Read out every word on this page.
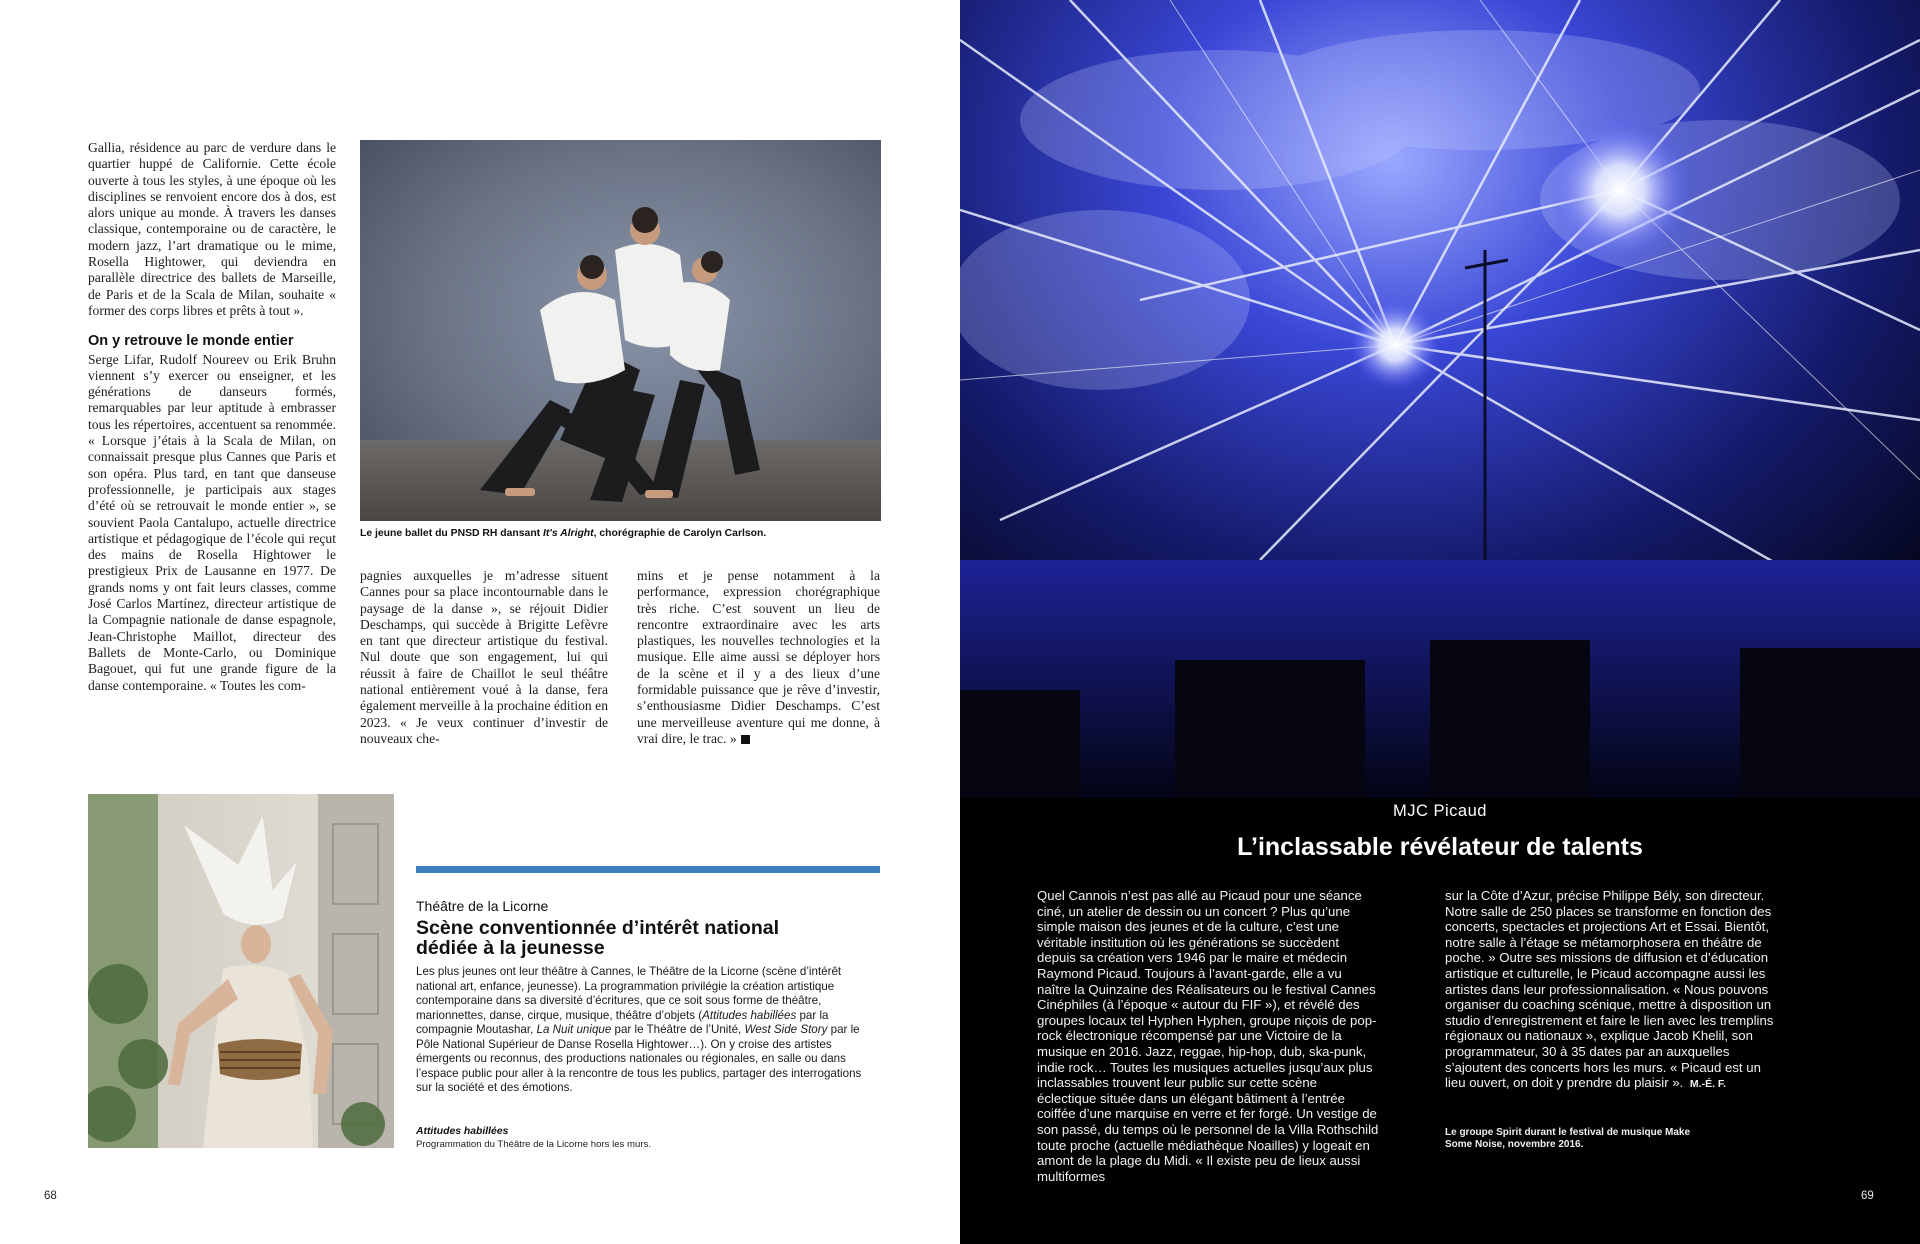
Gallia, résidence au parc de verdure dans le quartier huppé de Californie. Cette école ouverte à tous les styles, à une époque où les disciplines se renvoient encore dos à dos, est alors unique au monde. À travers les danses classique, contemporaine ou de caractère, le modern jazz, l’art dramatique ou le mime, Rosella Hightower, qui deviendra en parallèle directrice des ballets de Marseille, de Paris et de la Scala de Milan, souhaite « former des corps libres et prêts à tout ».

On y retrouve le monde entier

Serge Lifar, Rudolf Noureev ou Erik Bruhn viennent s’y exercer ou enseigner, et les générations de danseurs formés, remarquables par leur aptitude à embrasser tous les répertoires, accentuent sa renommée. « Lorsque j’étais à la Scala de Milan, on connaissait presque plus Cannes que Paris et son opéra. Plus tard, en tant que danseuse professionnelle, je participais aux stages d’été où se retrouvait le monde entier », se souvient Paola Cantalupo, actuelle directrice artistique et pédagogique de l’école qui reçut des mains de Rosella Hightower le prestigieux Prix de Lausanne en 1977. De grands noms y ont fait leurs classes, comme José Carlos Martínez, directeur artistique de la Compagnie nationale de danse espagnole, Jean-Christophe Maillot, directeur des Ballets de Monte-Carlo, ou Dominique Bagouet, qui fut une grande figure de la danse contemporaine. « Toutes les com-

Le jeune ballet du PNSD RH dansant It's Alright, chorégraphie de Carolyn Carlson.

pagnies auxquelles je m’adresse situent Cannes pour sa place incontournable dans le paysage de la danse », se réjouit Didier Deschamps, qui succède à Brigitte Lefèvre en tant que directeur artistique du festival. Nul doute que son engagement, lui qui réussit à faire de Chaillot le seul théâtre national entièrement voué à la danse, fera également merveille à la prochaine édition en 2023. « Je veux continuer d’investir de nouveaux che-

mins et je pense notamment à la performance, expression chorégraphique très riche. C’est souvent un lieu de rencontre extraordinaire avec les arts plastiques, les nouvelles technologies et la musique. Elle aime aussi se déployer hors de la scène et il y a des lieux d’une formidable puissance que je rêve d’investir, s’enthousiasme Didier Deschamps. C’est une merveilleuse aventure qui me donne, à vrai dire, le trac. »

Théâtre de la Licorne
Scène conventionnée d’intérêt national dédiée à la jeunesse
Les plus jeunes ont leur théâtre à Cannes, le Théâtre de la Licorne (scène d’intérêt national art, enfance, jeunesse). La programmation privilégie la création artistique contemporaine dans sa diversité d’écritures, que ce soit sous forme de théâtre, marionnettes, danse, cirque, musique, théâtre d’objets (Attitudes habillées par la compagnie Moutashar, La Nuit unique par le Théâtre de l’Unité, West Side Story par le Pôle National Supérieur de Danse Rosella Hightower…). On y croise des artistes émergents ou reconnus, des productions nationales ou régionales, en salle ou dans l’espace public pour aller à la rencontre de tous les publics, partager des interrogations sur la société et des émotions.
Attitudes habillées
Programmation du Théâtre de la Licorne hors les murs.
68
MJC Picaud
L’inclassable révélateur de talents
Quel Cannois n’est pas allé au Picaud pour une séance ciné, un atelier de dessin ou un concert ? Plus qu’une simple maison des jeunes et de la culture, c’est une véritable institution où les générations se succèdent depuis sa création vers 1946 par le maire et médecin Raymond Picaud. Toujours à l’avant-garde, elle a vu naître la Quinzaine des Réalisateurs ou le festival Cannes Cinéphiles (à l’époque « autour du FIF »), et révélé des groupes locaux tel Hyphen Hyphen, groupe niçois de pop-rock électronique récompensé par une Victoire de la musique en 2016. Jazz, reggae, hip-hop, dub, ska-punk, indie rock… Toutes les musiques actuelles jusqu’aux plus inclassables trouvent leur public sur cette scène éclectique située dans un élégant bâtiment à l’entrée coiffée d’une marquise en verre et fer forgé. Un vestige de son passé, du temps où le personnel de la Villa Rothschild toute proche (actuelle médiathèque Noailles) y logeait en amont de la plage du Midi. « Il existe peu de lieux aussi multiformes
sur la Côte d’Azur, précise Philippe Bély, son directeur. Notre salle de 250 places se transforme en fonction des concerts, spectacles et projections Art et Essai. Bientôt, notre salle à l’étage se métamorphosera en théâtre de poche. » Outre ses missions de diffusion et d’éducation artistique et culturelle, le Picaud accompagne aussi les artistes dans leur professionnalisation. « Nous pouvons organiser du coaching scénique, mettre à disposition un studio d’enregistrement et faire le lien avec les tremplins régionaux ou nationaux », explique Jacob Khelil, son programmateur, 30 à 35 dates par an auxquelles s’ajoutent des concerts hors les murs. « Picaud est un lieu ouvert, on doit y prendre du plaisir ». M.-É. F.
Le groupe Spirit durant le festival de musique Make Some Noise, novembre 2016.
69
